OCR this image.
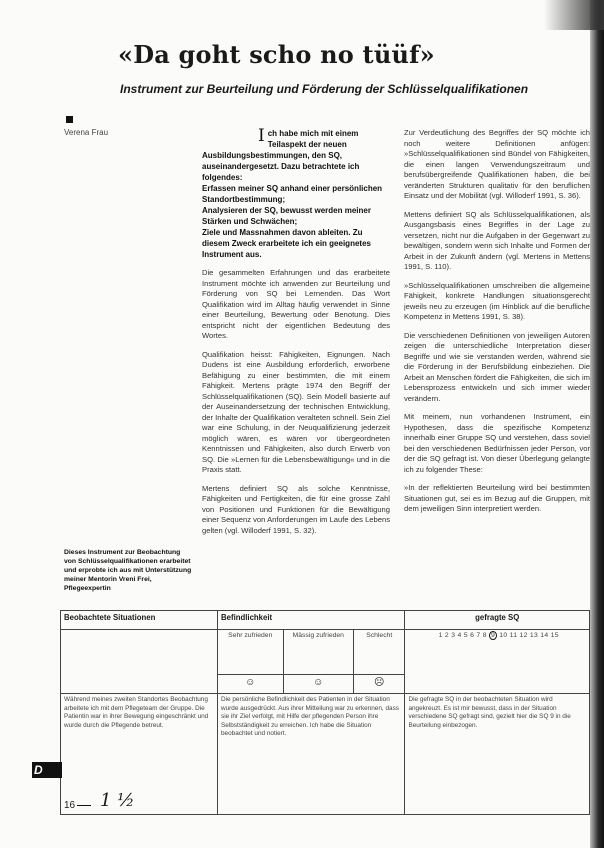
«Da goht scho no tüüf»
Instrument zur Beurteilung und Förderung der Schlüsselqualifikationen
Verena Frau	I ch habe mich mit einem Teilaspekt der neuen Ausbildungsbestimmungen, den SQ, auseinandergesetzt. Dazu betrachtete ich folgendes:
Erfassen meiner SQ anhand einer persönlichen Standortbestimmung;
Analysieren der SQ, bewusst werden meiner Stärken und Schwächen;
Ziele und Massnahmen davon ableiten. Zu diesem Zweck erarbeitete ich ein geeignetes Instrument aus.

Die gesammelten Erfahrungen und das erarbeitete Instrument möchte ich anwenden zur Beurteilung und Förderung von SQ bei Lernenden. Das Wort Qualifikation wird im Alltag häufig verwendet in Sinne einer Beurteilung, Bewertung oder Benotung. Dies entspricht nicht der eigentlichen Bedeutung des Wortes.

Qualifikation heisst: Fähigkeiten, Eignungen. Nach Dudens ist eine Ausbildung erforderlich, erworbene Befähigung zu einer bestimmten, die mit einem Fähigkeit. Mertens prägte 1974 den Begriff der Schlüsselqualifikationen (SQ). Sein Modell basierte auf der Auseinandersetzung der technischen Entwicklung, der Inhalte der Qualifikation veralteten schnell. Sein Ziel war eine Schulung, in der Neuqualifizierung jederzeit möglich wären, es wären vor übergeordneten Kenntnissen und Fähigkeiten, also durch Erwerb von SQ. Die »Lernen für die Lebensbewältigung« und in die Praxis statt.

Mertens definiert SQ als solche Kenntnisse, Fähigkeiten und Fertigkeiten, die für eine grosse Zahl von Positionen und Funktionen für die Bewältigung einer Sequenz von Anforderungen im Laufe des Lebens gelten (vgl. Willoderf 1991, S. 32).

Zur Verdeutlichung des Begriffes der SQ möchte ich noch weitere Definitionen anfügen: »Schlüsselqualifikationen sind Bündel von Fähigkeiten, die einen langen Verwendungszeitraum und berufsübergreifende Qualifikationen haben, die bei veränderten Strukturen qualitativ für den beruflichen Einsatz und der Mobilität (vgl. Willoderf 1991, S. 36).

Mettens definiert SQ als Schlüsselqualifikationen, als Ausgangsbasis eines Begriffes in der Lage zu versetzen, nicht nur die Aufgaben in der Gegenwart zu bewältigen, sondern wenn sich Inhalte und Formen der Arbeit in der Zukunft ändern (vgl. Mertens in Mettens 1991, S. 110).

»Schlüsselqualifikationen umschreiben die allgemeine Fähigkeit, konkrete Handlungen situationsgerecht jeweils neu zu erzeugen (im Hinblick auf die berufliche Kompetenz in Mettens 1991, S. 38).

Die verschiedenen Definitionen von jeweiligen Autoren zeigen die unterschiedliche Interpretation dieser Begriffe und wie sie verstanden werden, während sie die Förderung in der Berufsbildung einbeziehen. Die Arbeit an Menschen fördert die Fähigkeiten, die sich im Lebensprozess entwickeln und sich immer wieder verändern.

Mit meinem, nun vorhandenen Instrument, ein Hypothesen, dass die spezifische Kompetenz innerhalb einer Gruppe SQ und verstehen, dass soviel bei den verschiedenen Bedürfnissen jeder Person, vor der die SQ gefragt ist. Von dieser Überlegung gelangte ich zu folgender These:

»In der reflektierten Beurteilung wird bei bestimmten Situationen gut, sei es im Bezug auf die Gruppen, mit dem jeweiligen Sinn interpretiert werden.

Dieses Instrument zur Beobachtung von Schlüsselqualifikationen erarbeitet und erprobte ich aus mit Unterstützung meiner Mentorin Vreni Frei, Pflegeexpertin
Beobachtete Situationen	Befindlichkeit			gefragte SQ
	Sehr zufrieden	Mässig zufrieden	Schlecht	1 2 3 4 5 6 7 8 9 10 11 12 13 14 15
	☺	☺	☹	
Während meines zweiten Standortes Beobachtung arbeitete ich mit dem Pflegeteam der Gruppe. Die Patientin war in ihrer Bewegung eingeschränkt und wurde durch die Pflegende betreut.	Die persönliche Befindlichkeit des Patienten in der Situation wurde ausgedrückt. Aus ihrer Mitteilung war zu erkennen, dass sie ihr Ziel verfolgt, mit Hilfe der pflegenden Person ihre Selbstständigkeit zu erreichen. Ich habe die Situation beobachtet und notiert.			Die gefragte SQ in der beobachteten Situation wird angekreuzt. Es ist mir bewusst, dass in der Situation verschiedene SQ gefragt sind, gezielt hier die SQ 9 in die Beurteilung einbezogen.
D
16	1 ½
